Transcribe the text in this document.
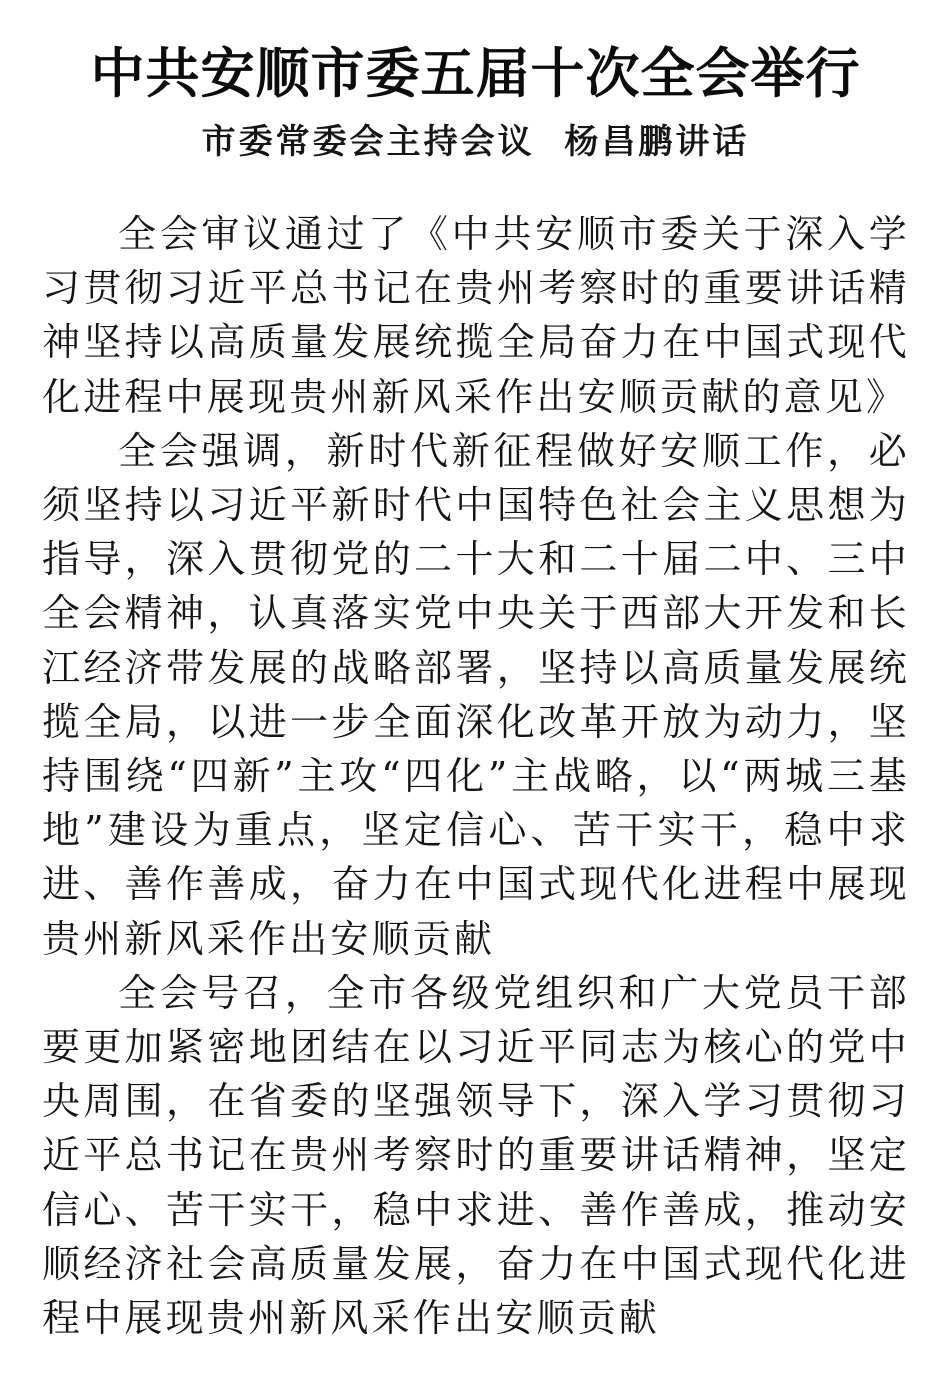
中共安顺市委五届十次全会举行
市委常委会主持会议  杨昌鹏讲话

全会审议通过了《中共安顺市委关于深入学习贯彻习近平总书记在贵州考察时的重要讲话精神坚持以高质量发展统揽全局奋力在中国式现代化进程中展现贵州新风采作出安顺贡献的意见》

全会强调，新时代新征程做好安顺工作，必须坚持以习近平新时代中国特色社会主义思想为指导，深入贯彻党的二十大和二十届二中、三中全会精神，认真落实党中央关于西部大开发和长江经济带发展的战略部署，坚持以高质量发展统揽全局，以进一步全面深化改革开放为动力，坚持围绕“四新”主攻“四化”主战略，以“两城三基地”建设为重点，坚定信心、苦干实干，稳中求进、善作善成，奋力在中国式现代化进程中展现贵州新风采作出安顺贡献

全会号召，全市各级党组织和广大党员干部要更加紧密地团结在以习近平同志为核心的党中央周围，在省委的坚强领导下，深入学习贯彻习近平总书记在贵州考察时的重要讲话精神，坚定信心、苦干实干，稳中求进、善作善成，推动安顺经济社会高质量发展，奋力在中国式现代化进程中展现贵州新风采作出安顺贡献
